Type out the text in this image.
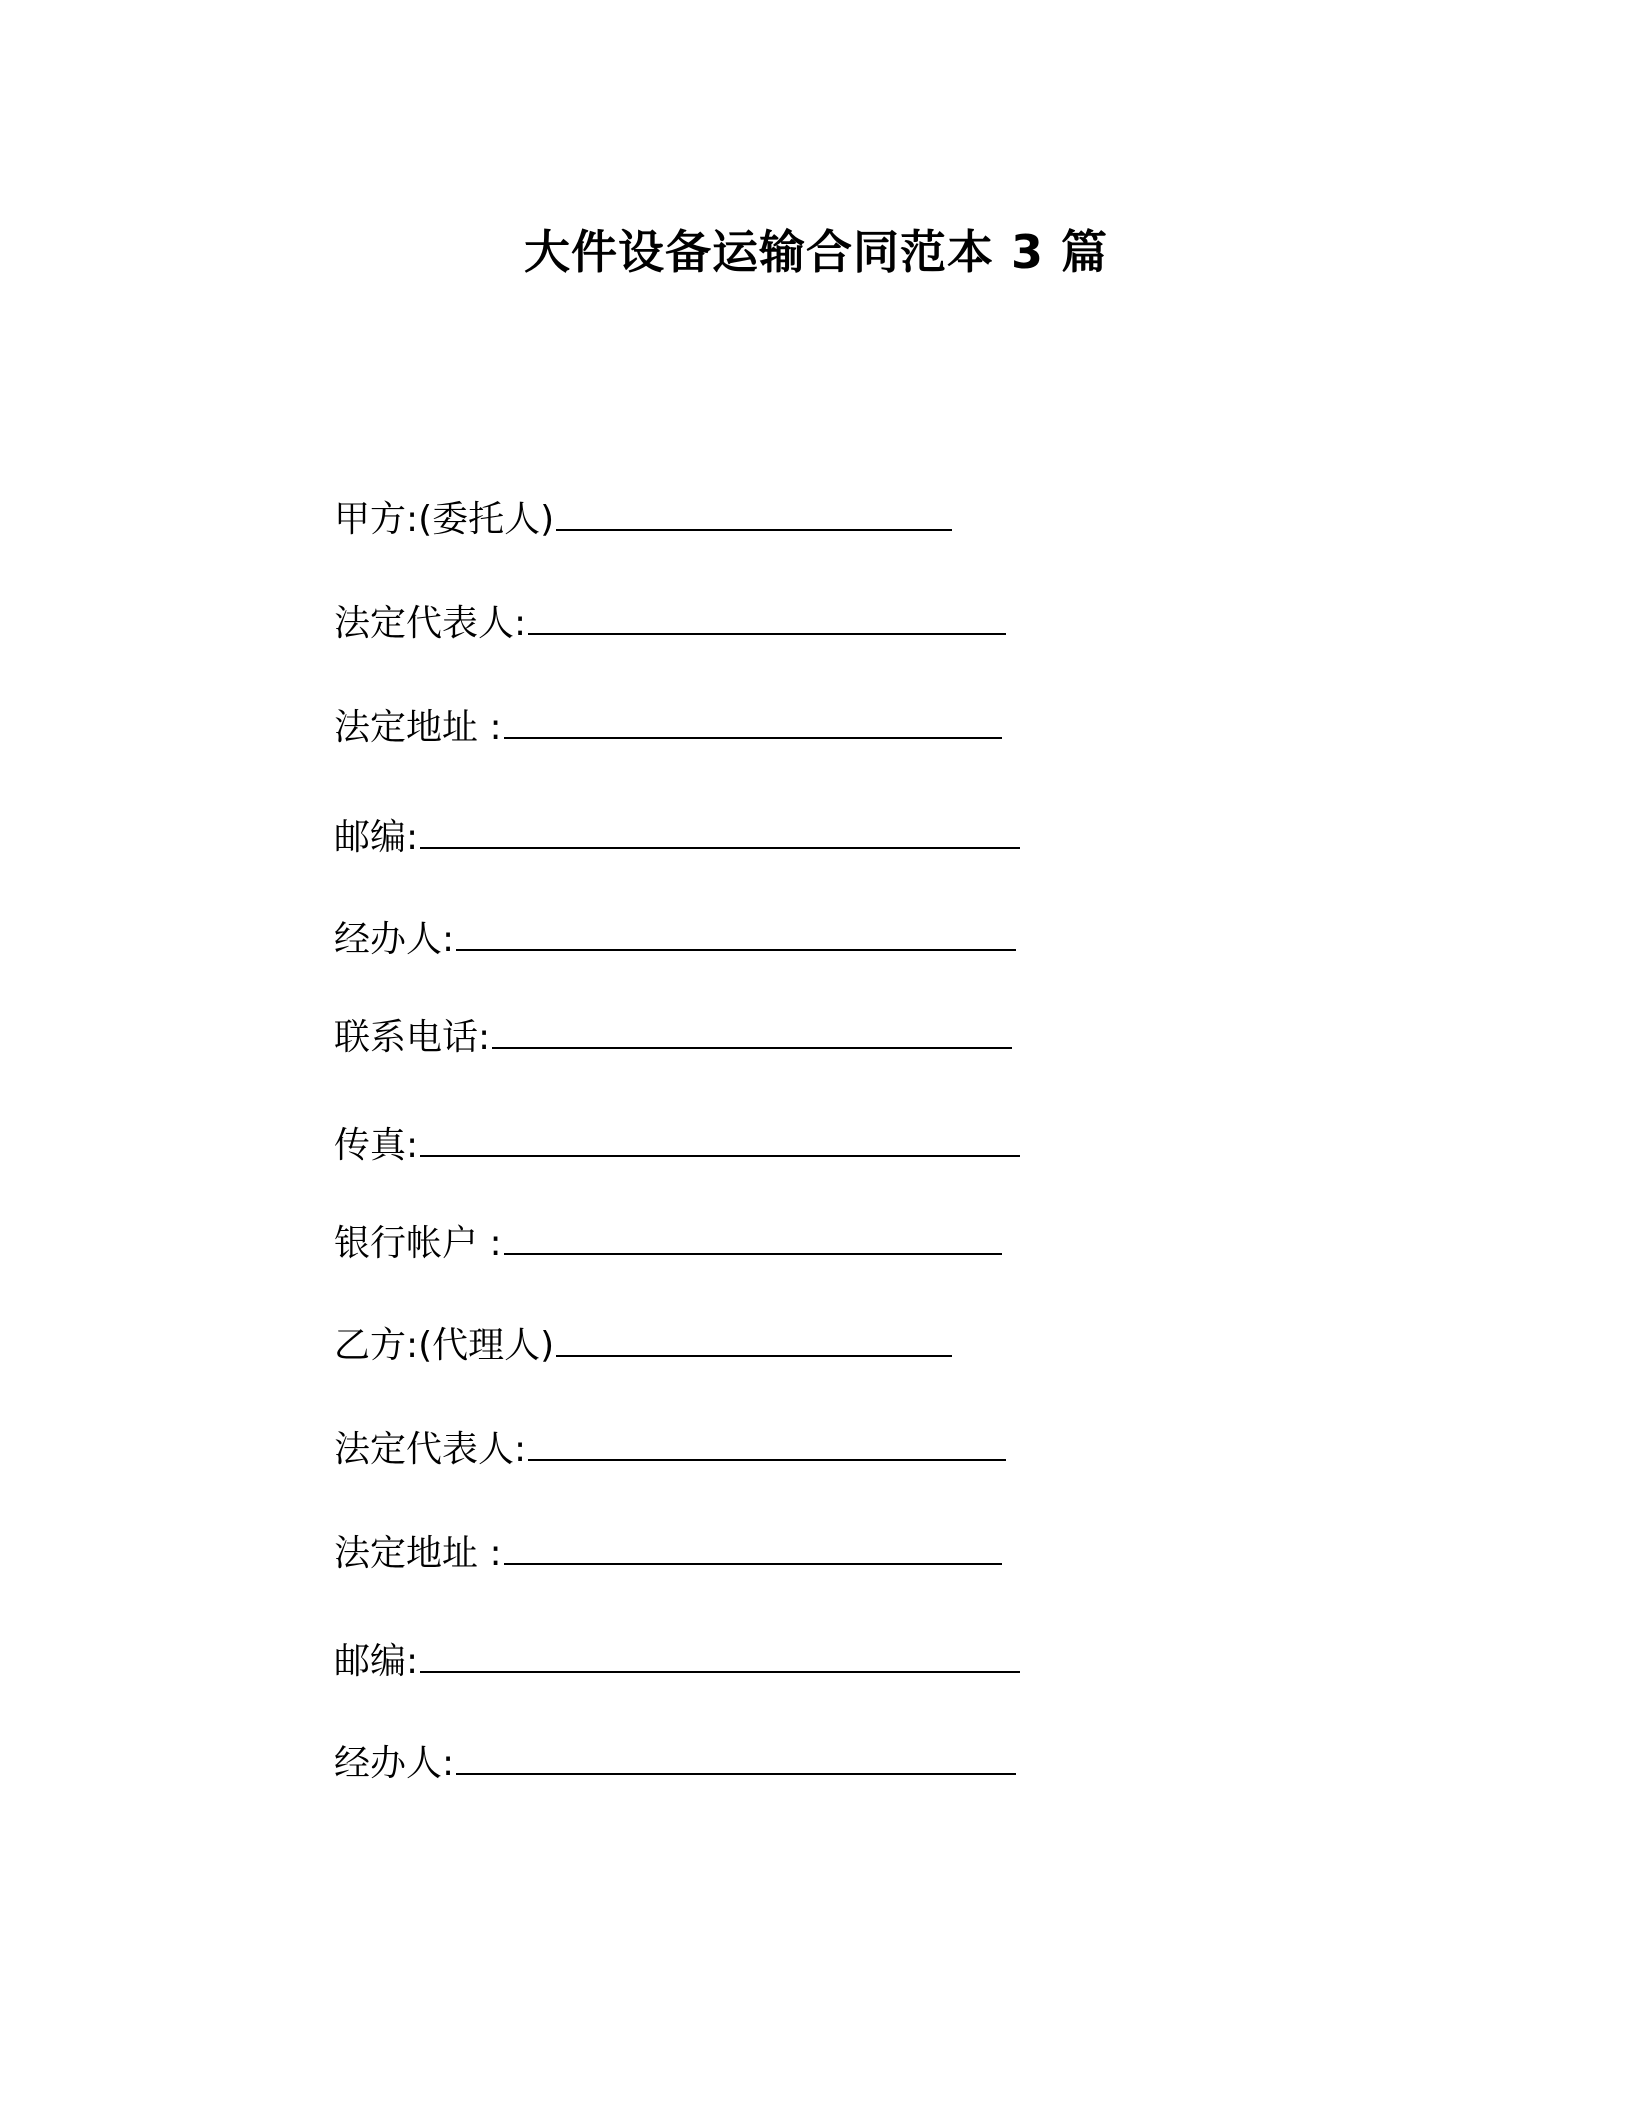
大件设备运输合同范本 3 篇
甲方:(委托人)
法定代表人:
法定地址 :
邮编:
经办人:
联系电话:
传真:
银行帐户 :
乙方:(代理人)
法定代表人:
法定地址 :
邮编:
经办人:
